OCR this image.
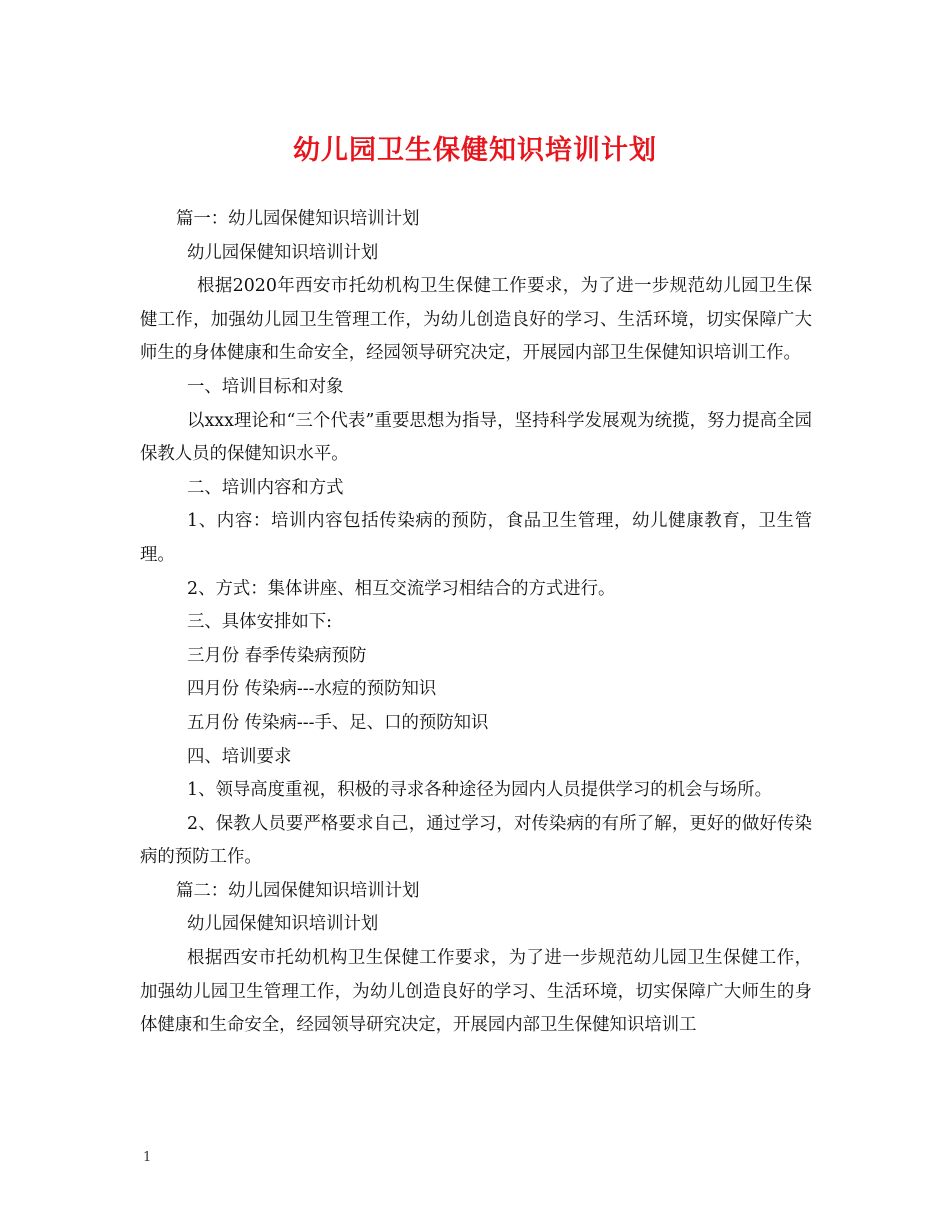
幼儿园卫生保健知识培训计划

篇一：幼儿园保健知识培训计划

幼儿园保健知识培训计划

根据2020年西安市托幼机构卫生保健工作要求，为了进一步规范幼儿园卫生保健工作，加强幼儿园卫生管理工作，为幼儿创造良好的学习、生活环境，切实保障广大师生的身体健康和生命安全，经园领导研究决定，开展园内部卫生保健知识培训工作。

一、培训目标和对象

以xxx理论和“三个代表”重要思想为指导，坚持科学发展观为统揽，努力提高全园保教人员的保健知识水平。

二、培训内容和方式

1、内容：培训内容包括传染病的预防，食品卫生管理，幼儿健康教育，卫生管理。

2、方式：集体讲座、相互交流学习相结合的方式进行。

三、具体安排如下:

三月份 春季传染病预防

四月份 传染病---水痘的预防知识

五月份 传染病---手、足、口的预防知识

四、培训要求

1、领导高度重视，积极的寻求各种途径为园内人员提供学习的机会与场所。

2、保教人员要严格要求自己，通过学习，对传染病的有所了解，更好的做好传染病的预防工作。

篇二：幼儿园保健知识培训计划

幼儿园保健知识培训计划

根据西安市托幼机构卫生保健工作要求，为了进一步规范幼儿园卫生保健工作，加强幼儿园卫生管理工作，为幼儿创造良好的学习、生活环境，切实保障广大师生的身体健康和生命安全，经园领导研究决定，开展园内部卫生保健知识培训工

1
